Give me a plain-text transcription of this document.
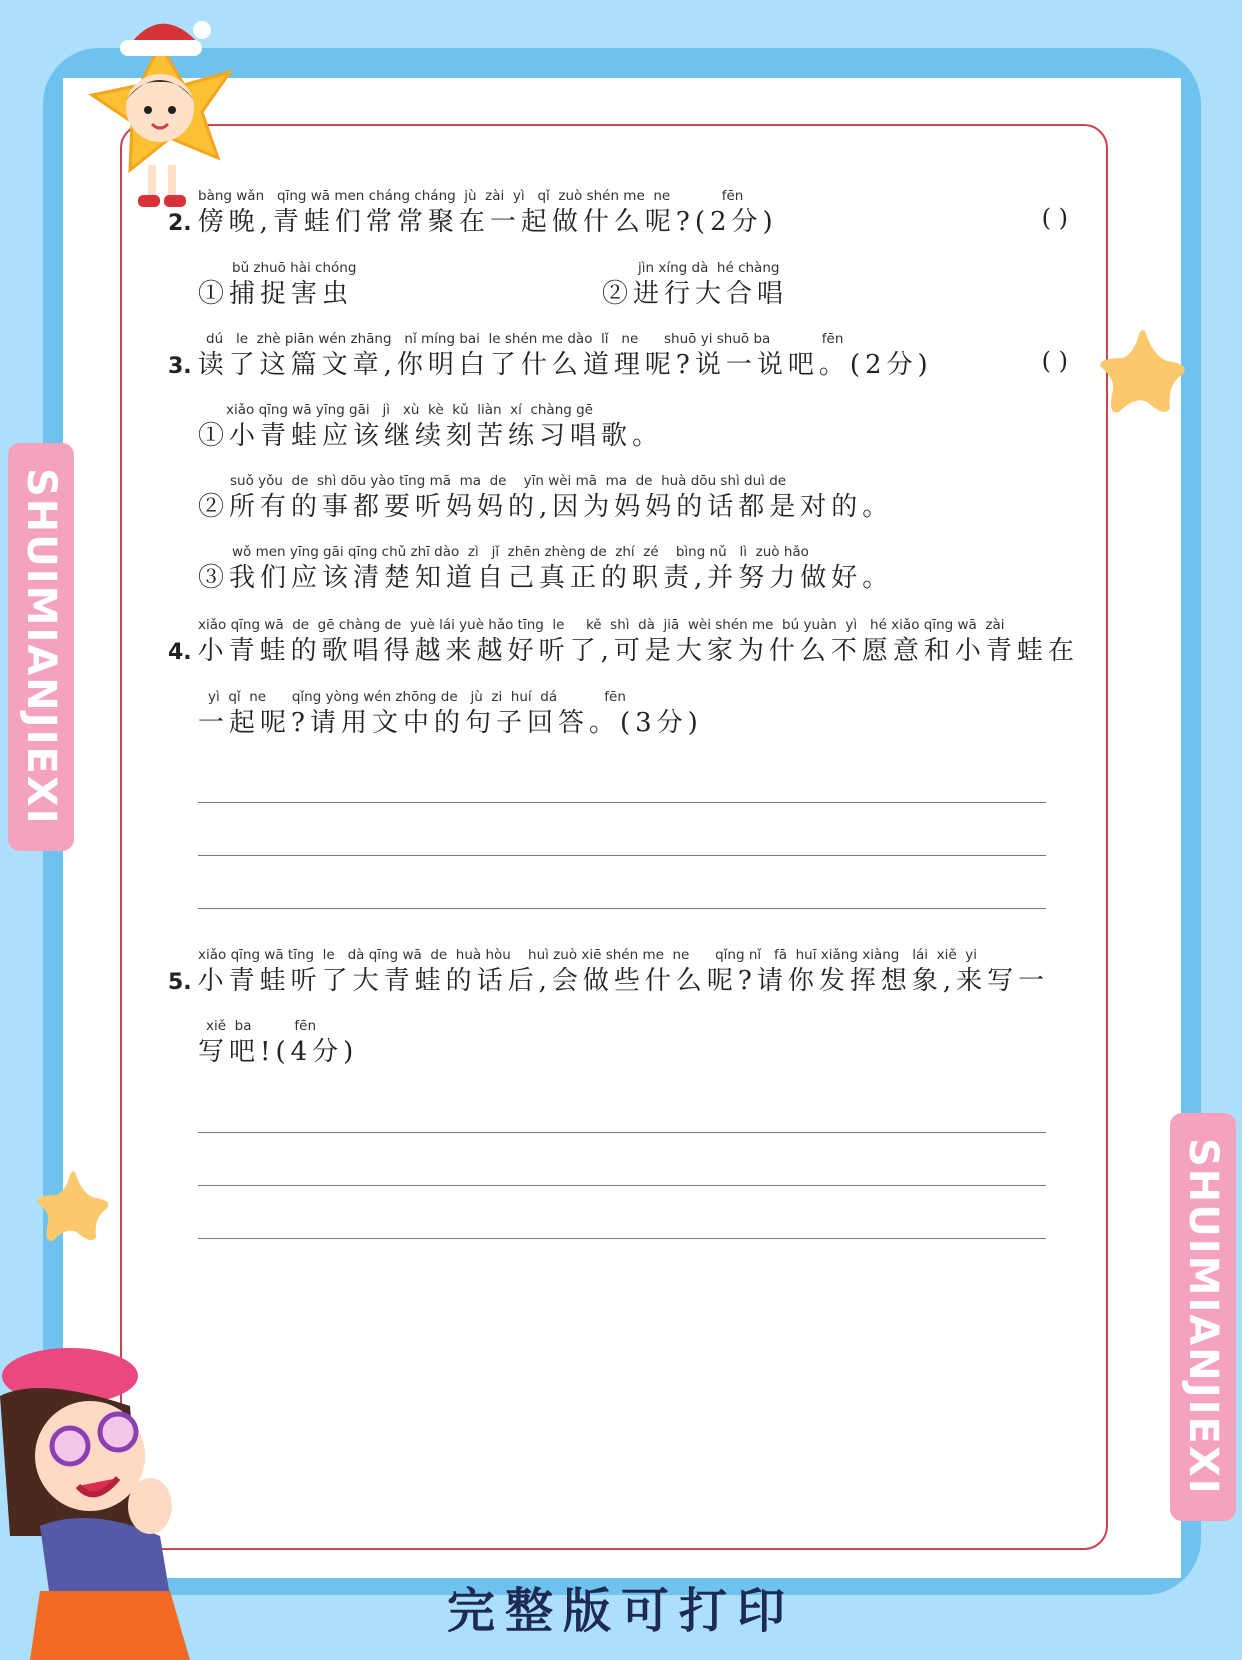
SHUIMIANJIEXI
SHUIMIANJIEXI
bàng wǎn   qīng wā men cháng cháng  jù  zài  yì   qǐ  zuò shén me  ne            fēn
2. 傍晚,青蛙们常常聚在一起做什么呢?(2分)	( )
bǔ zhuō hài chóng
①捕捉害虫
jìn xíng dà  hé chàng
②进行大合唱
dú   le  zhè piān wén zhāng   nǐ míng bai  le shén me dào  lǐ   ne      shuō yi shuō ba            fēn
3. 读了这篇文章,你明白了什么道理呢?说一说吧。(2分)	( )
xiǎo qīng wā yīng gāi   jì   xù  kè  kǔ  liàn  xí  chàng gē
①小青蛙应该继续刻苦练习唱歌。
suǒ yǒu  de  shì dōu yào tīng mā  ma  de    yīn wèi mā  ma  de  huà dōu shì duì de
②所有的事都要听妈妈的,因为妈妈的话都是对的。
wǒ men yīng gāi qīng chǔ zhī dào  zì   jǐ  zhēn zhèng de  zhí  zé    bìng nǔ   lì  zuò hǎo
③我们应该清楚知道自己真正的职责,并努力做好。
xiǎo qīng wā  de  gē chàng de  yuè lái yuè hǎo tīng  le     kě  shì  dà  jiā  wèi shén me  bú yuàn  yì   hé xiǎo qīng wā  zài
4. 小青蛙的歌唱得越来越好听了,可是大家为什么不愿意和小青蛙在
yì  qǐ  ne      qǐng yòng wén zhōng de   jù  zi  huí  dá           fēn
一起呢?请用文中的句子回答。(3分)
xiǎo qīng wā tīng  le   dà qīng wā  de  huà hòu    huì zuò xiē shén me  ne      qǐng nǐ   fā  huī xiǎng xiàng   lái  xiě  yi
5. 小青蛙听了大青蛙的话后,会做些什么呢?请你发挥想象,来写一
xiě  ba          fēn
写吧!(4分)
完整版可打印
